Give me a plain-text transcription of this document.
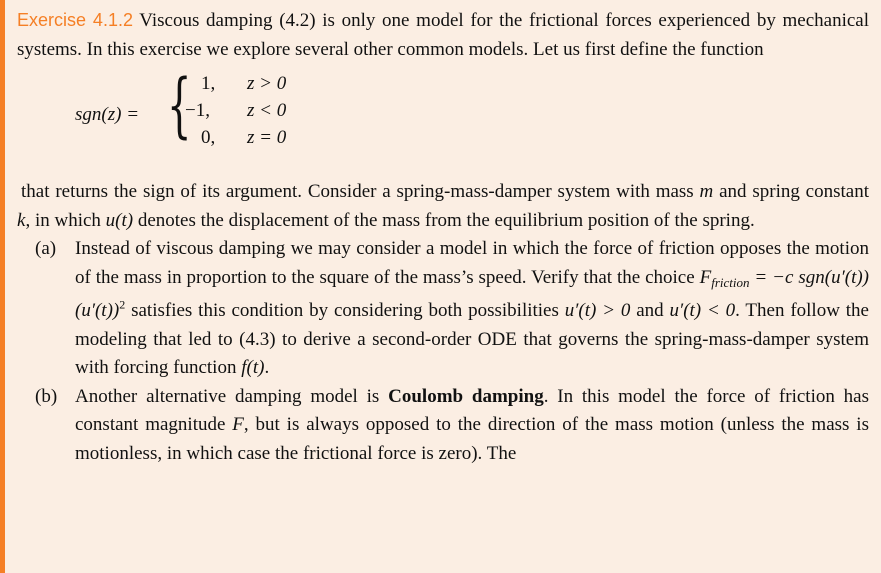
Exercise 4.1.2 Viscous damping (4.2) is only one model for the frictional forces experienced by mechanical systems. In this exercise we explore several other common models. Let us first define the function

sgn(z) = { 1, z > 0
−1, z < 0
0, z = 0

that returns the sign of its argument. Consider a spring-mass-damper system with mass m and spring constant k, in which u(t) denotes the displacement of the mass from the equilibrium position of the spring.

(a) Instead of viscous damping we may consider a model in which the force of friction opposes the motion of the mass in proportion to the square of the mass’s speed. Verify that the choice $F_{friction} = -c$ $sgn(u'(t))(u'(t))^2$ satisfies this condition by considering both possibilities u′(t) > 0 and u′(t) < 0. Then follow the modeling that led to (4.3) to derive a second-order ODE that governs the spring-mass-damper system with forcing function f(t).
(b) Another alternative damping model is Coulomb damping. In this model the force of friction has constant magnitude F, but is always opposed to the direction of the mass motion (unless the mass is motionless, in which case the frictional force is zero). The
